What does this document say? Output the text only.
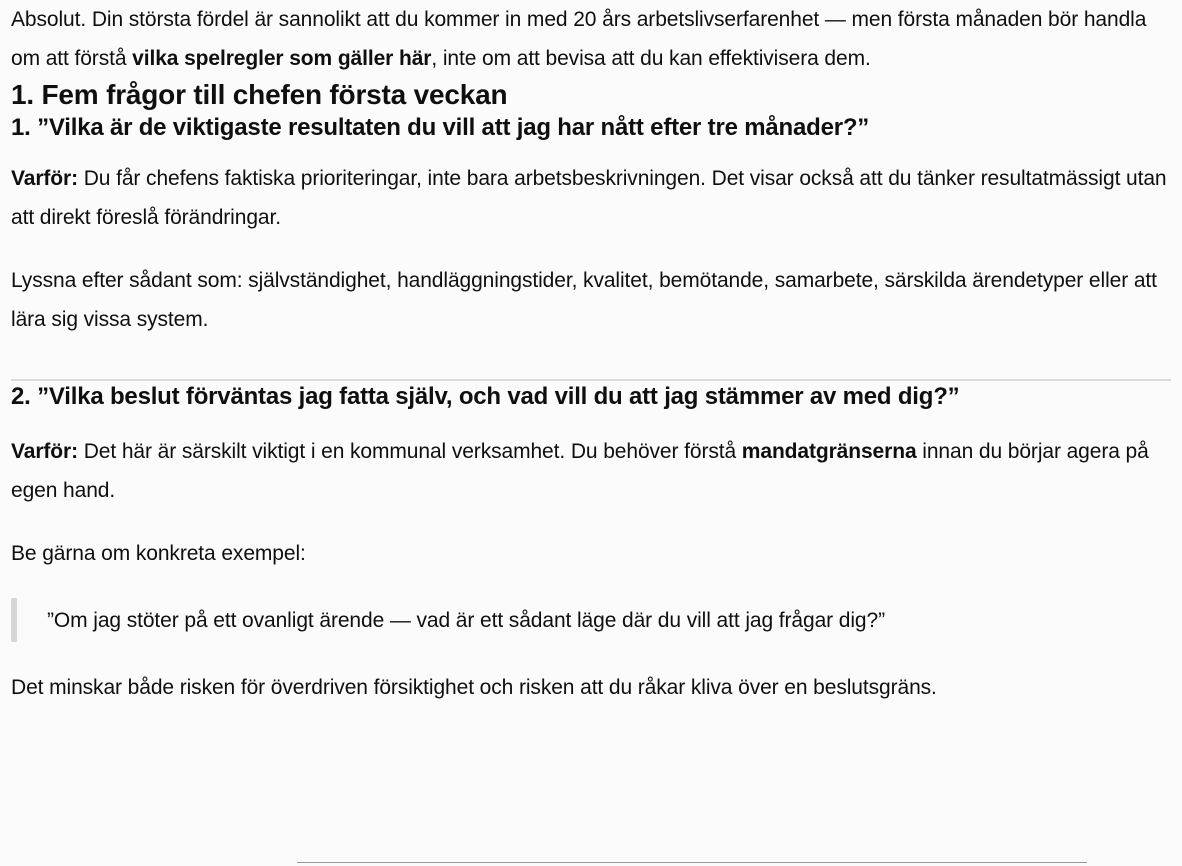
Absolut. Din största fördel är sannolikt att du kommer in med 20 års arbetslivserfarenhet — men första månaden bör handla om att förstå vilka spelregler som gäller här, inte om att bevisa att du kan effektivisera dem.

1. Fem frågor till chefen första veckan
1. ”Vilka är de viktigaste resultaten du vill att jag har nått efter tre månader?”

Varför: Du får chefens faktiska prioriteringar, inte bara arbetsbeskrivningen. Det visar också att du tänker resultatmässigt utan att direkt föreslå förändringar.

Lyssna efter sådant som: självständighet, handläggningstider, kvalitet, bemötande, samarbete, särskilda ärendetyper eller att lära sig vissa system.

2. ”Vilka beslut förväntas jag fatta själv, och vad vill du att jag stämmer av med dig?”

Varför: Det här är särskilt viktigt i en kommunal verksamhet. Du behöver förstå mandatgränserna innan du börjar agera på egen hand.

Be gärna om konkreta exempel:

”Om jag stöter på ett ovanligt ärende — vad är ett sådant läge där du vill att jag frågar dig?”

Det minskar både risken för överdriven försiktighet och risken att du råkar kliva över en beslutsgräns.
